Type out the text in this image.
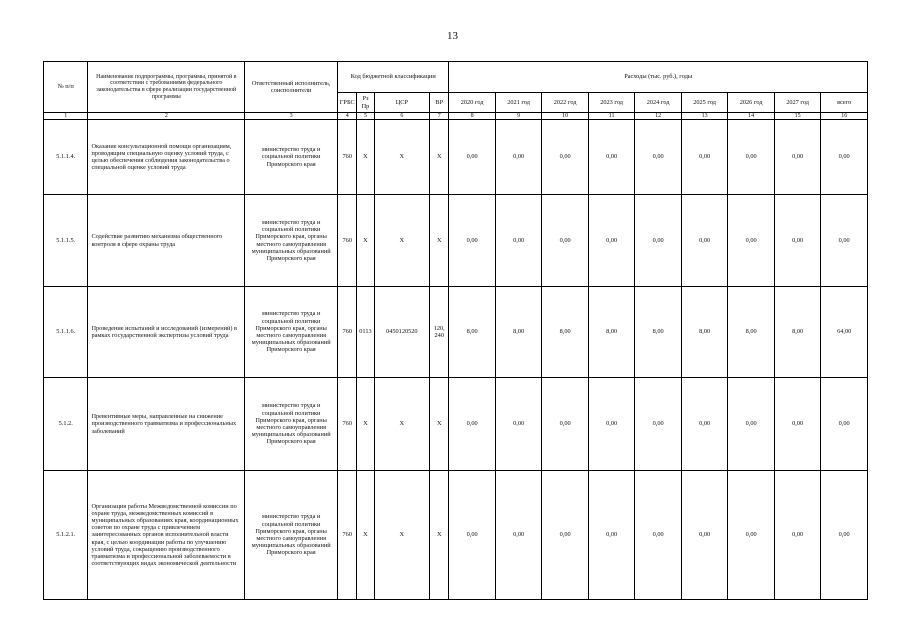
13
№ п/п	Наименование подпрограммы, программы, принятой в соответствии с требованиями федерального законодательства в сфере реализации государственной программы	Ответственный исполнитель, соисполнители	Код бюджетной классификации				Расходы (тыс. руб.), годы								
			ГРБС	Рз Пр	ЦСР	ВР	2020 год	2021 год	2022 год	2023 год	2024 год	2025 год	2026 год	2027 год	всего
1	2	3	4	5	6	7	8	9	10	11	12	13	14	15	16
5.1.1.4.	Оказание консультационной помощи организациям, проводящим специальную оценку условий труда, с целью обеспечения соблюдения законодательства о специальной оценке условий труда	министерство труда и социальной политики Приморского края	760	X	X	X	0,00	0,00	0,00	0,00	0,00	0,00	0,00	0,00	0,00
5.1.1.5.	Содействие развитию механизма общественного контроля в сфере охраны труда	министерство труда и социальной политики Приморского края, органы местного самоуправления муниципальных образований Приморского края	760	X	X	X	0,00	0,00	0,00	0,00	0,00	0,00	0,00	0,00	0,00
5.1.1.6.	Проведение испытаний и исследований (измерений) в рамках государственной экспертизы условий труда	министерство труда и социальной политики Приморского края, органы местного самоуправления муниципальных образований Приморского края	760	0113	0450120520	120, 240	8,00	8,00	8,00	8,00	8,00	8,00	8,00	8,00	64,00
5.1.2.	Превентивные меры, направленные на снижение производственного травматизма и профессиональных заболеваний	министерство труда и социальной политики Приморского края, органы местного самоуправления муниципальных образований Приморского края	760	X	X	X	0,00	0,00	0,00	0,00	0,00	0,00	0,00	0,00	0,00
5.1.2.1.	Организация работы Межведомственной комиссии по охране труда, межведомственных комиссий в муниципальных образованиях края, координационных советов по охране труда с привлечением заинтересованных органов исполнительной власти края, с целью координации работы по улучшению условий труда, сокращению производственного травматизма и профессиональной заболеваемости в соответствующих видах экономической деятельности	министерство труда и социальной политики Приморского края, органы местного самоуправления муниципальных образований Приморского края	760	X	X	X	0,00	0,00	0,00	0,00	0,00	0,00	0,00	0,00	0,00
